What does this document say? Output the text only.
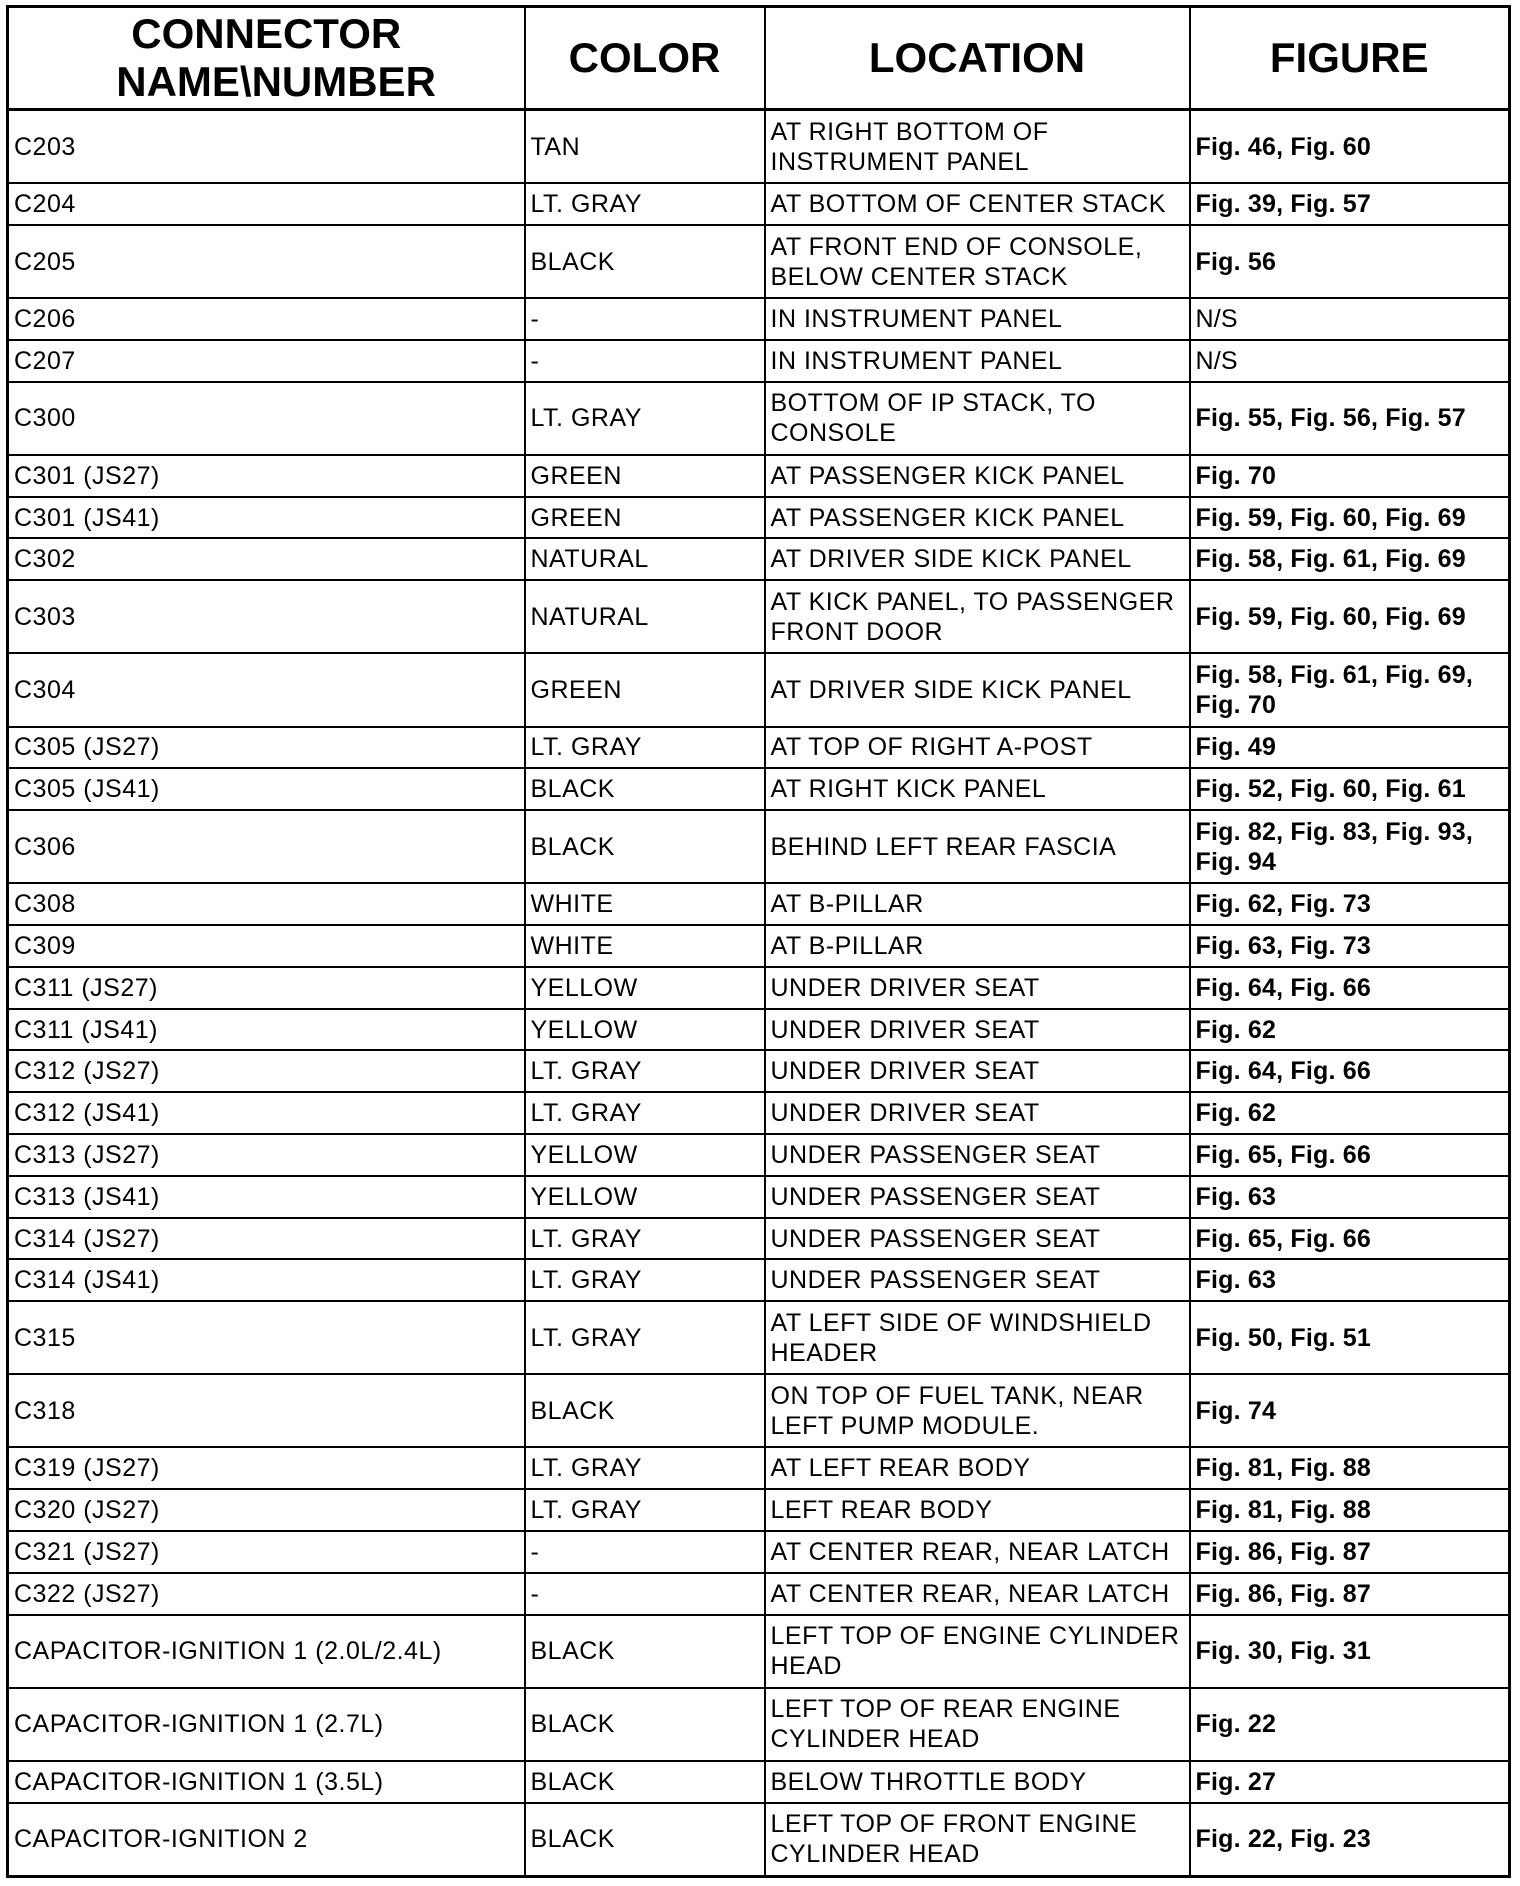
CONNECTOR NAME\NUMBER	COLOR	LOCATION	FIGURE
C203	TAN	AT RIGHT BOTTOM OF INSTRUMENT PANEL	Fig. 46, Fig. 60
C204	LT. GRAY	AT BOTTOM OF CENTER STACK	Fig. 39, Fig. 57
C205	BLACK	AT FRONT END OF CONSOLE, BELOW CENTER STACK	Fig. 56
C206	-	IN INSTRUMENT PANEL	N/S
C207	-	IN INSTRUMENT PANEL	N/S
C300	LT. GRAY	BOTTOM OF IP STACK, TO CONSOLE	Fig. 55, Fig. 56, Fig. 57
C301 (JS27)	GREEN	AT PASSENGER KICK PANEL	Fig. 70
C301 (JS41)	GREEN	AT PASSENGER KICK PANEL	Fig. 59, Fig. 60, Fig. 69
C302	NATURAL	AT DRIVER SIDE KICK PANEL	Fig. 58, Fig. 61, Fig. 69
C303	NATURAL	AT KICK PANEL, TO PASSENGER FRONT DOOR	Fig. 59, Fig. 60, Fig. 69
C304	GREEN	AT DRIVER SIDE KICK PANEL	Fig. 58, Fig. 61, Fig. 69, Fig. 70
C305 (JS27)	LT. GRAY	AT TOP OF RIGHT A-POST	Fig. 49
C305 (JS41)	BLACK	AT RIGHT KICK PANEL	Fig. 52, Fig. 60, Fig. 61
C306	BLACK	BEHIND LEFT REAR FASCIA	Fig. 82, Fig. 83, Fig. 93, Fig. 94
C308	WHITE	AT B-PILLAR	Fig. 62, Fig. 73
C309	WHITE	AT B-PILLAR	Fig. 63, Fig. 73
C311 (JS27)	YELLOW	UNDER DRIVER SEAT	Fig. 64, Fig. 66
C311 (JS41)	YELLOW	UNDER DRIVER SEAT	Fig. 62
C312 (JS27)	LT. GRAY	UNDER DRIVER SEAT	Fig. 64, Fig. 66
C312 (JS41)	LT. GRAY	UNDER DRIVER SEAT	Fig. 62
C313 (JS27)	YELLOW	UNDER PASSENGER SEAT	Fig. 65, Fig. 66
C313 (JS41)	YELLOW	UNDER PASSENGER SEAT	Fig. 63
C314 (JS27)	LT. GRAY	UNDER PASSENGER SEAT	Fig. 65, Fig. 66
C314 (JS41)	LT. GRAY	UNDER PASSENGER SEAT	Fig. 63
C315	LT. GRAY	AT LEFT SIDE OF WINDSHIELD HEADER	Fig. 50, Fig. 51
C318	BLACK	ON TOP OF FUEL TANK, NEAR LEFT PUMP MODULE.	Fig. 74
C319 (JS27)	LT. GRAY	AT LEFT REAR BODY	Fig. 81, Fig. 88
C320 (JS27)	LT. GRAY	LEFT REAR BODY	Fig. 81, Fig. 88
C321 (JS27)	-	AT CENTER REAR, NEAR LATCH	Fig. 86, Fig. 87
C322 (JS27)	-	AT CENTER REAR, NEAR LATCH	Fig. 86, Fig. 87
CAPACITOR-IGNITION 1 (2.0L/2.4L)	BLACK	LEFT TOP OF ENGINE CYLINDER HEAD	Fig. 30, Fig. 31
CAPACITOR-IGNITION 1 (2.7L)	BLACK	LEFT TOP OF REAR ENGINE CYLINDER HEAD	Fig. 22
CAPACITOR-IGNITION 1 (3.5L)	BLACK	BELOW THROTTLE BODY	Fig. 27
CAPACITOR-IGNITION 2	BLACK	LEFT TOP OF FRONT ENGINE CYLINDER HEAD	Fig. 22, Fig. 23
